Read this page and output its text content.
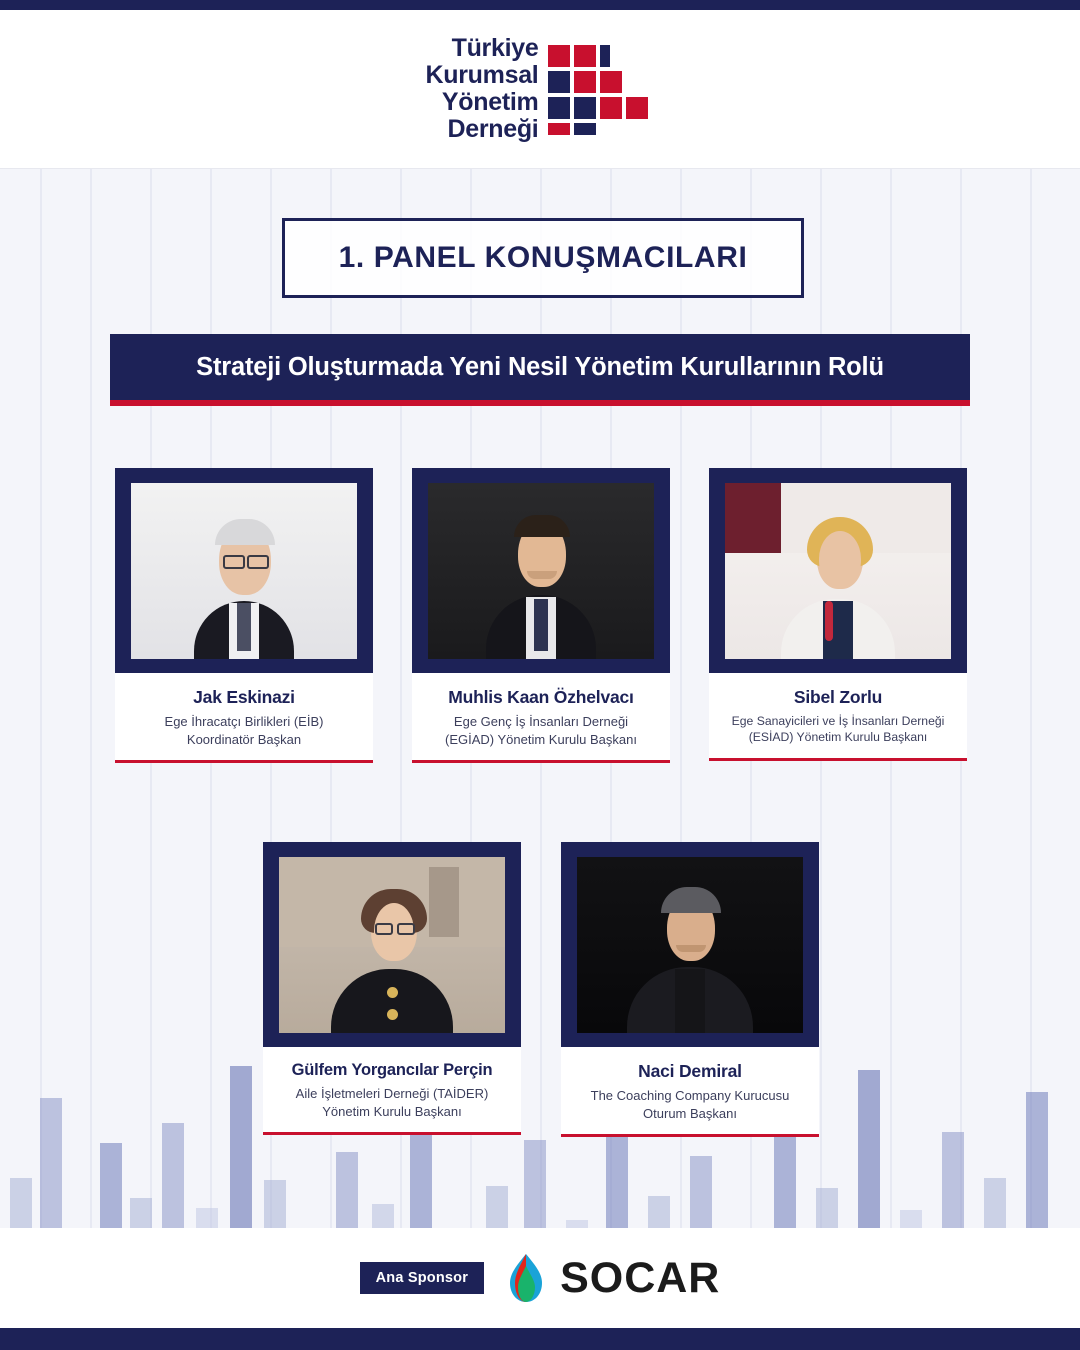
Türkiye
Kurumsal
Yönetim
Derneği
1. PANEL KONUŞMACILARI
Strateji Oluşturmada Yeni Nesil Yönetim Kurullarının Rolü
Jak Eskinazi
Ege İhracatçı Birlikleri (EİB)
Koordinatör Başkan
Muhlis Kaan Özhelvacı
Ege Genç İş İnsanları Derneği
(EGİAD) Yönetim Kurulu Başkanı
Sibel Zorlu
Ege Sanayicileri ve İş İnsanları Derneği
(ESİAD) Yönetim Kurulu Başkanı
Gülfem Yorgancılar Perçin
Aile İşletmeleri Derneği (TAİDER)
Yönetim Kurulu Başkanı
Naci Demiral
The Coaching Company Kurucusu
Oturum Başkanı
Ana Sponsor	SOCAR
